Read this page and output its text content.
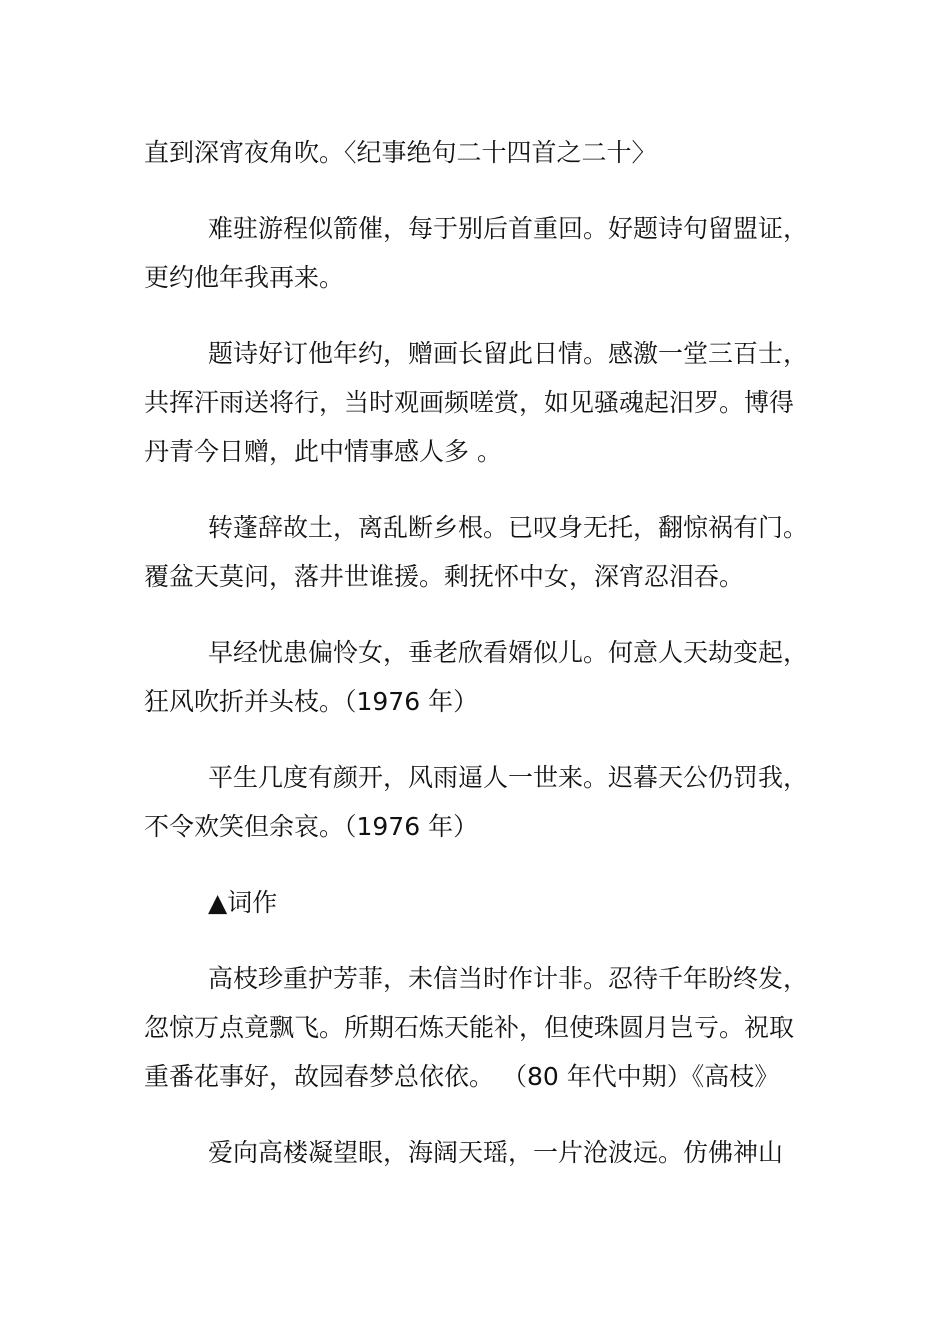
直到深宵夜角吹。〈纪事绝句二十四首之二十〉

难驻游程似箭催，每于别后首重回。好题诗句留盟证，更约他年我再来。

题诗好订他年约，赠画长留此日情。感激一堂三百士，共挥汗雨送将行，当时观画频嗟赏，如见骚魂起汨罗。博得丹青今日赠，此中情事感人多 。

转蓬辞故土，离乱断乡根。已叹身无托，翻惊祸有门。覆盆天莫问，落井世谁援。剩抚怀中女，深宵忍泪吞。

早经忧患偏怜女，垂老欣看婿似儿。何意人天劫变起，狂风吹折并头枝。（1976 年）

平生几度有颜开，风雨逼人一世来。迟暮天公仍罚我，不令欢笑但余哀。（1976 年）

▲词作

高枝珍重护芳菲，未信当时作计非。忍待千年盼终发，忽惊万点竟飘飞。所期石炼天能补，但使珠圆月岂亏。祝取重番花事好，故园春梦总依依。 （80 年代中期）《高枝》

爱向高楼凝望眼，海阔天瑶，一片沧波远。仿佛神山
